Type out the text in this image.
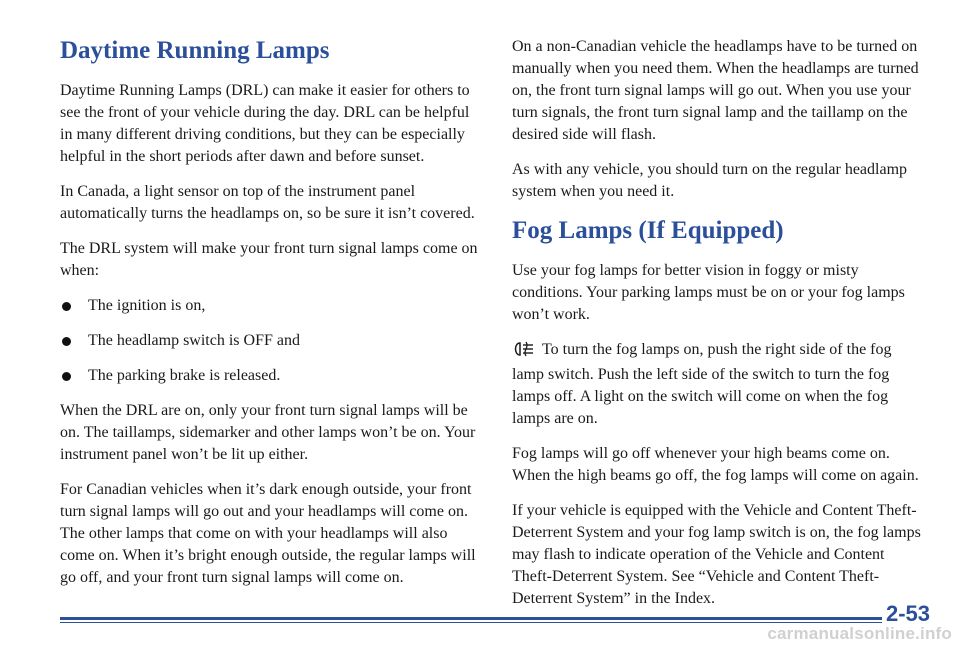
Daytime Running Lamps

Daytime Running Lamps (DRL) can make it easier for others to see the front of your vehicle during the day. DRL can be helpful in many different driving conditions, but they can be especially helpful in the short periods after dawn and before sunset.

In Canada, a light sensor on top of the instrument panel automatically turns the headlamps on, so be sure it isn’t covered.

The DRL system will make your front turn signal lamps come on when:

The ignition is on,
The headlamp switch is OFF and
The parking brake is released.

When the DRL are on, only your front turn signal lamps will be on. The taillamps, sidemarker and other lamps won’t be on. Your instrument panel won’t be lit up either.

For Canadian vehicles when it’s dark enough outside, your front turn signal lamps will go out and your headlamps will come on. The other lamps that come on with your headlamps will also come on. When it’s bright enough outside, the regular lamps will go off, and your front turn signal lamps will come on.

On a non-Canadian vehicle the headlamps have to be turned on manually when you need them. When the headlamps are turned on, the front turn signal lamps will go out. When you use your turn signals, the front turn signal lamp and the taillamp on the desired side will flash.

As with any vehicle, you should turn on the regular headlamp system when you need it.

Fog Lamps (If Equipped)

Use your fog lamps for better vision in foggy or misty conditions. Your parking lamps must be on or your fog lamps won’t work.

To turn the fog lamps on, push the right side of the fog lamp switch. Push the left side of the switch to turn the fog lamps off. A light on the switch will come on when the fog lamps are on.

Fog lamps will go off whenever your high beams come on. When the high beams go off, the fog lamps will come on again.

If your vehicle is equipped with the Vehicle and Content Theft-Deterrent System and your fog lamp switch is on, the fog lamps may flash to indicate operation of the Vehicle and Content Theft-Deterrent System. See “Vehicle and Content Theft-Deterrent System” in the Index.

2-53
carmanualsonline.info
